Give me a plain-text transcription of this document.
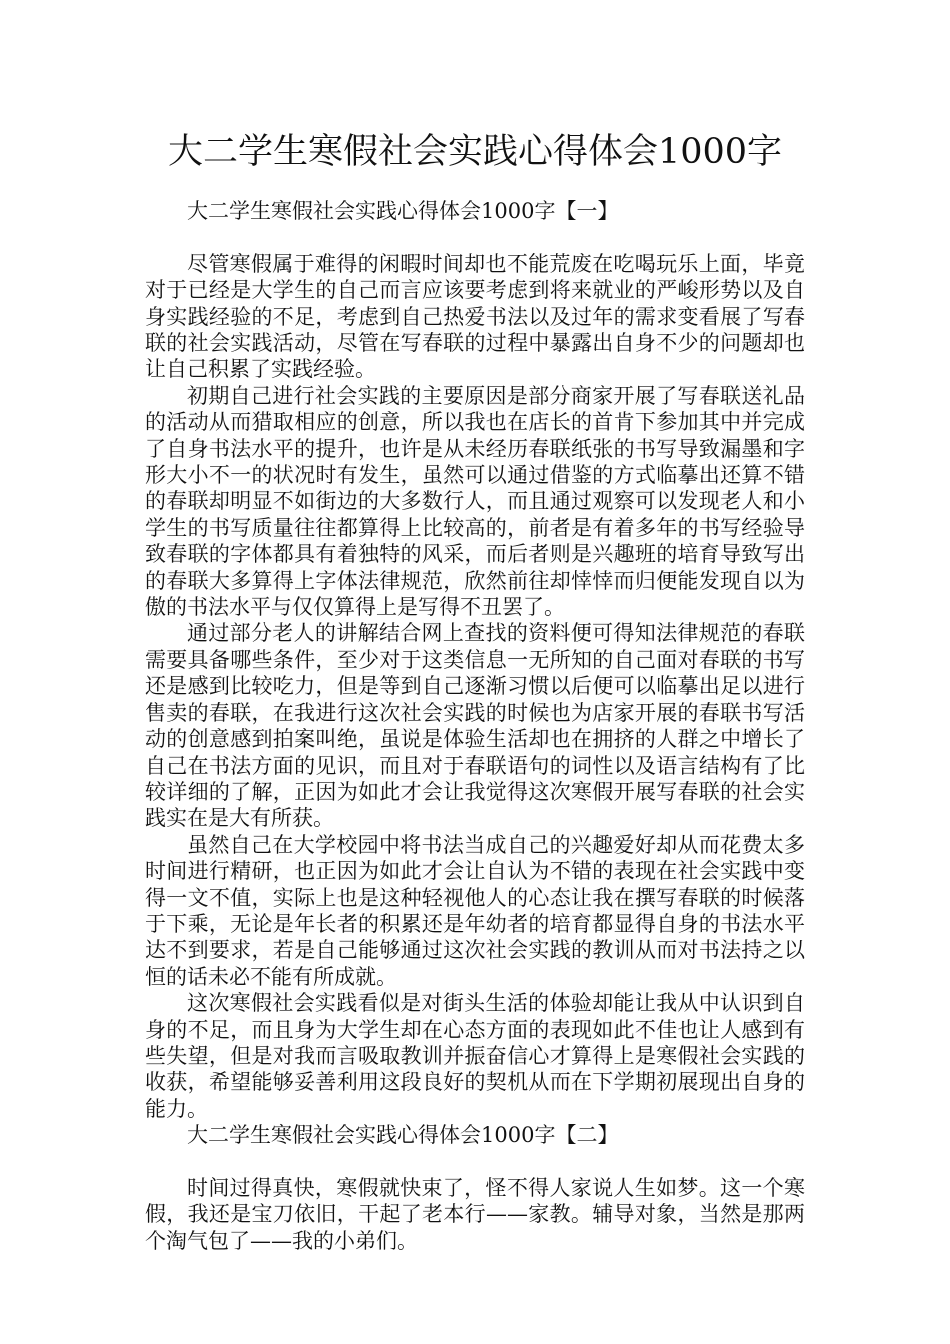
大二学生寒假社会实践心得体会1000字

大二学生寒假社会实践心得体会1000字【一】

尽管寒假属于难得的闲暇时间却也不能荒废在吃喝玩乐上面，毕竟对于已经是大学生的自己而言应该要考虑到将来就业的严峻形势以及自身实践经验的不足，考虑到自己热爱书法以及过年的需求变看展了写春联的社会实践活动，尽管在写春联的过程中暴露出自身不少的问题却也让自己积累了实践经验。

初期自己进行社会实践的主要原因是部分商家开展了写春联送礼品的活动从而猎取相应的创意，所以我也在店长的首肯下参加其中并完成了自身书法水平的提升，也许是从未经历春联纸张的书写导致漏墨和字形大小不一的状况时有发生，虽然可以通过借鉴的方式临摹出还算不错的春联却明显不如街边的大多数行人，而且通过观察可以发现老人和小学生的书写质量往往都算得上比较高的，前者是有着多年的书写经验导致春联的字体都具有着独特的风采，而后者则是兴趣班的培育导致写出的春联大多算得上字体法律规范，欣然前往却悻悻而归便能发现自以为傲的书法水平与仅仅算得上是写得不丑罢了。

通过部分老人的讲解结合网上查找的资料便可得知法律规范的春联需要具备哪些条件，至少对于这类信息一无所知的自己面对春联的书写还是感到比较吃力，但是等到自己逐渐习惯以后便可以临摹出足以进行售卖的春联，在我进行这次社会实践的时候也为店家开展的春联书写活动的创意感到拍案叫绝，虽说是体验生活却也在拥挤的人群之中增长了自己在书法方面的见识，而且对于春联语句的词性以及语言结构有了比较详细的了解，正因为如此才会让我觉得这次寒假开展写春联的社会实践实在是大有所获。

虽然自己在大学校园中将书法当成自己的兴趣爱好却从而花费太多时间进行精研，也正因为如此才会让自认为不错的表现在社会实践中变得一文不值，实际上也是这种轻视他人的心态让我在撰写春联的时候落于下乘，无论是年长者的积累还是年幼者的培育都显得自身的书法水平达不到要求，若是自己能够通过这次社会实践的教训从而对书法持之以恒的话未必不能有所成就。

这次寒假社会实践看似是对街头生活的体验却能让我从中认识到自身的不足，而且身为大学生却在心态方面的表现如此不佳也让人感到有些失望，但是对我而言吸取教训并振奋信心才算得上是寒假社会实践的收获，希望能够妥善利用这段良好的契机从而在下学期初展现出自身的能力。

大二学生寒假社会实践心得体会1000字【二】

时间过得真快，寒假就快束了，怪不得人家说人生如梦。这一个寒假，我还是宝刀依旧，干起了老本行——家教。辅导对象，当然是那两个淘气包了——我的小弟们。
